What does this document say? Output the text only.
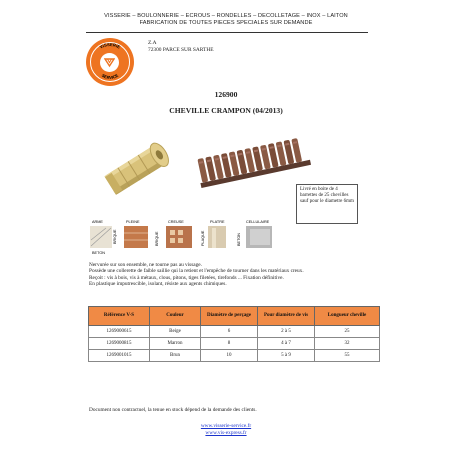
VISSERIE – BOULONNERIE – ECROUS – RONDELLES – DECOLLETAGE – INOX – LAITON
FABRICATION DE TOUTES PIECES SPECIALES SUR DEMANDE
VISSERIE
SERVICE
Z.A
72300 PARCE SUR SARTHE
126900
CHEVILLE CRAMPON (04/2013)
Livré en boite de 4 barrettes de 25 chevilles sauf pour le diametre 6mm
ARME
BETON
PLEINE
BRIQUE
CREUSE
BRIQUE
PLATRE
PLAQUE
CELLULAIRE
BETON
Nervurée sur son ensemble, ne tourne pas au vissage.
Possède une collerette de faible saillie qui la retient et l'empêche de tourner dans les matériaux creux.
Reçoit : vis à bois, vis à métaux, clous, pitons, tiges filetées, tirefonds ... Fixation définitive.
En plastique imputrescible, isolant, résiste aux agents chimiques.
Référence V-S	Couleur	Diamètre de perçage	Pour diamètre de vis	Longueur cheville
1269000615	Beige	6	2 à 5	25
1269000815	Marron	8	4 à 7	32
1269001015	Brun	10	5 à 9	55
Document non contractuel, la tenue en stock dépend de la demande des clients.
www.visserie-service.fr
www.vis-express.fr
